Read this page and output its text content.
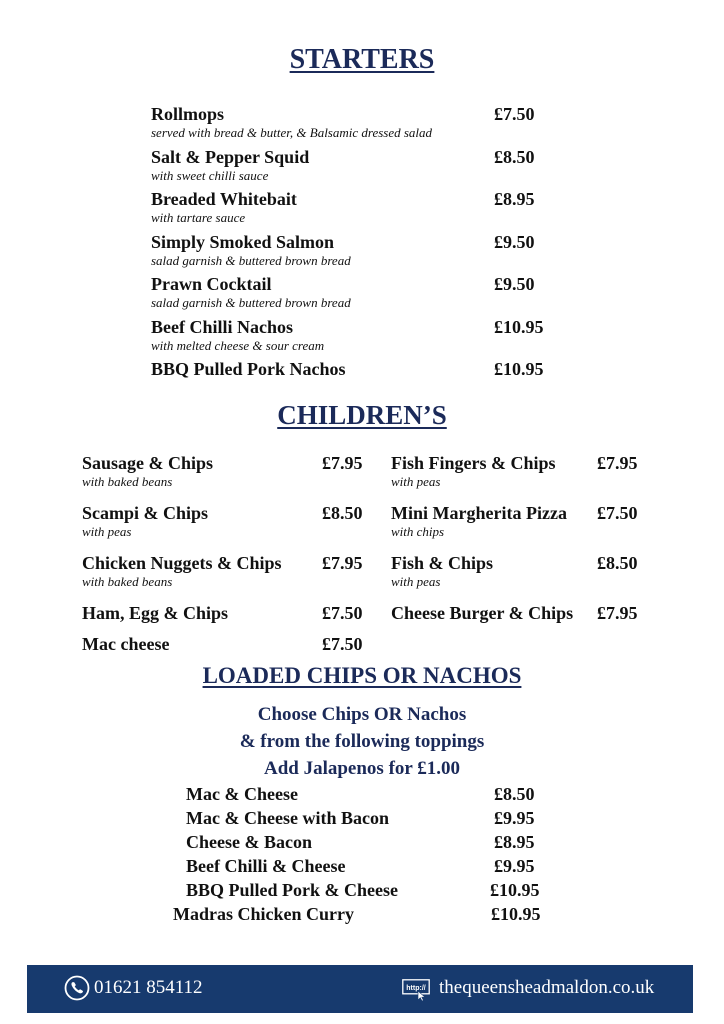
STARTERS
Rollmops	£7.50
served with bread & butter, & Balsamic dressed salad
Salt & Pepper Squid	£8.50
with sweet chilli sauce
Breaded Whitebait	£8.95
with tartare sauce
Simply Smoked Salmon	£9.50
salad garnish & buttered brown bread
Prawn Cocktail	£9.50
salad garnish & buttered brown bread
Beef Chilli Nachos	£10.95
with melted cheese & sour cream
BBQ Pulled Pork Nachos	£10.95
CHILDREN’S
Sausage & Chips	£7.95
with baked beans
Scampi & Chips	£8.50
with peas
Chicken Nuggets & Chips	£7.95
with baked beans
Ham, Egg & Chips	£7.50
Mac cheese	£7.50
Fish Fingers & Chips	£7.95
with peas
Mini Margherita Pizza	£7.50
with chips
Fish & Chips	£8.50
with peas
Cheese Burger & Chips	£7.95
LOADED CHIPS OR NACHOS
Choose Chips OR Nachos
& from the following toppings
Add Jalapenos for £1.00
Mac & Cheese	£8.50
Mac & Cheese with Bacon	£9.95
Cheese & Bacon	£8.95
Beef Chilli & Cheese	£9.95
BBQ Pulled Pork & Cheese	£10.95
Madras Chicken Curry	£10.95
01621 854112	http:// thequeensheadmaldon.co.uk
